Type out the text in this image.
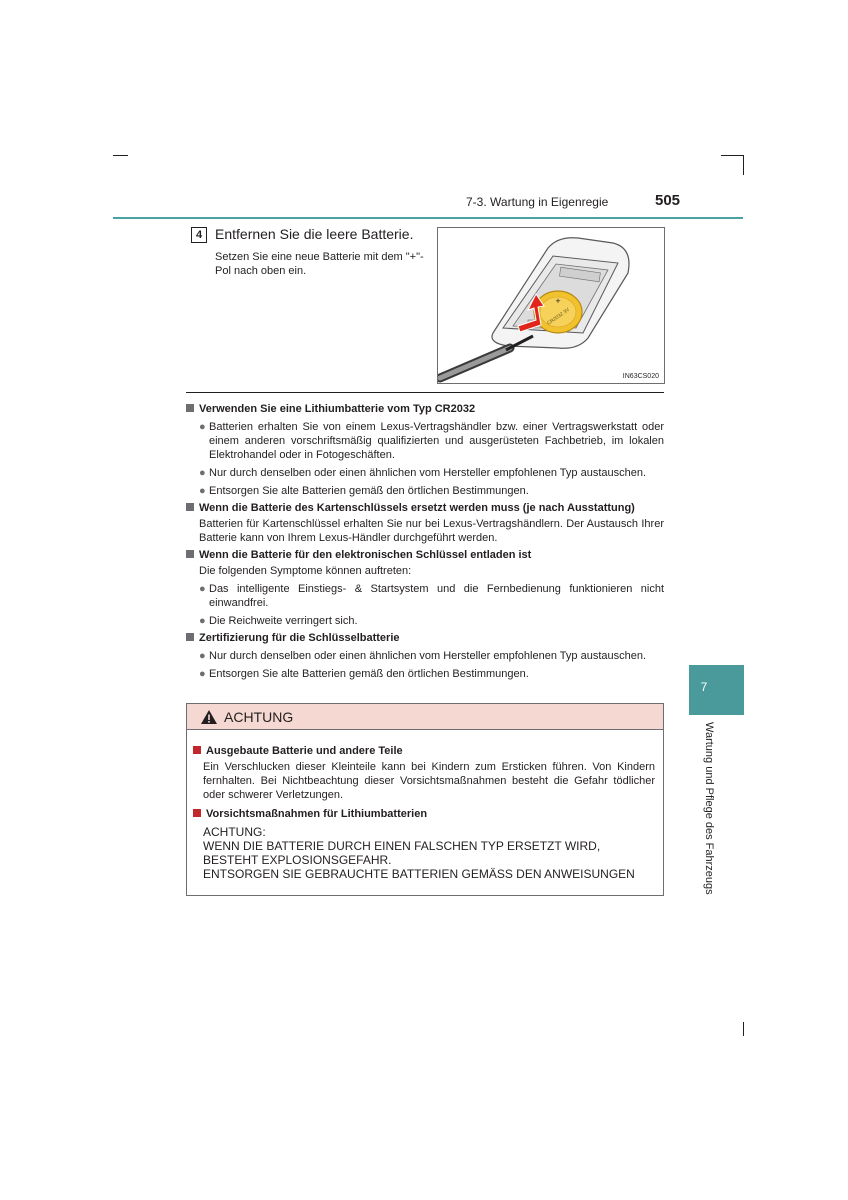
7-3. Wartung in Eigenregie	505
4 Entfernen Sie die leere Batterie.
Setzen Sie eine neue Batterie mit dem "+"-Pol nach oben ein.
+
CR2032 3V
IN63CS020
Verwenden Sie eine Lithiumbatterie vom Typ CR2032
● Batterien erhalten Sie von einem Lexus-Vertragshändler bzw. einer Vertragswerkstatt oder einem anderen vorschriftsmäßig qualifizierten und ausgerüsteten Fachbetrieb, im lokalen Elektrohandel oder in Fotogeschäften.
● Nur durch denselben oder einen ähnlichen vom Hersteller empfohlenen Typ austauschen.
● Entsorgen Sie alte Batterien gemäß den örtlichen Bestimmungen.
Wenn die Batterie des Kartenschlüssels ersetzt werden muss (je nach Ausstattung)
Batterien für Kartenschlüssel erhalten Sie nur bei Lexus-Vertragshändlern. Der Austausch Ihrer Batterie kann von Ihrem Lexus-Händler durchgeführt werden.
Wenn die Batterie für den elektronischen Schlüssel entladen ist
Die folgenden Symptome können auftreten:
● Das intelligente Einstiegs- & Startsystem und die Fernbedienung funktionieren nicht einwandfrei.
● Die Reichweite verringert sich.
Zertifizierung für die Schlüsselbatterie
● Nur durch denselben oder einen ähnlichen vom Hersteller empfohlenen Typ austauschen.
● Entsorgen Sie alte Batterien gemäß den örtlichen Bestimmungen.
7
Wartung und Pflege des Fahrzeugs
ACHTUNG
Ausgebaute Batterie und andere Teile
Ein Verschlucken dieser Kleinteile kann bei Kindern zum Ersticken führen. Von Kindern fernhalten. Bei Nichtbeachtung dieser Vorsichtsmaßnahmen besteht die Gefahr tödlicher oder schwerer Verletzungen.
Vorsichtsmaßnahmen für Lithiumbatterien
ACHTUNG:
WENN DIE BATTERIE DURCH EINEN FALSCHEN TYP ERSETZT WIRD, BESTEHT EXPLOSIONSGEFAHR.
ENTSORGEN SIE GEBRAUCHTE BATTERIEN GEMÄSS DEN ANWEISUNGEN
